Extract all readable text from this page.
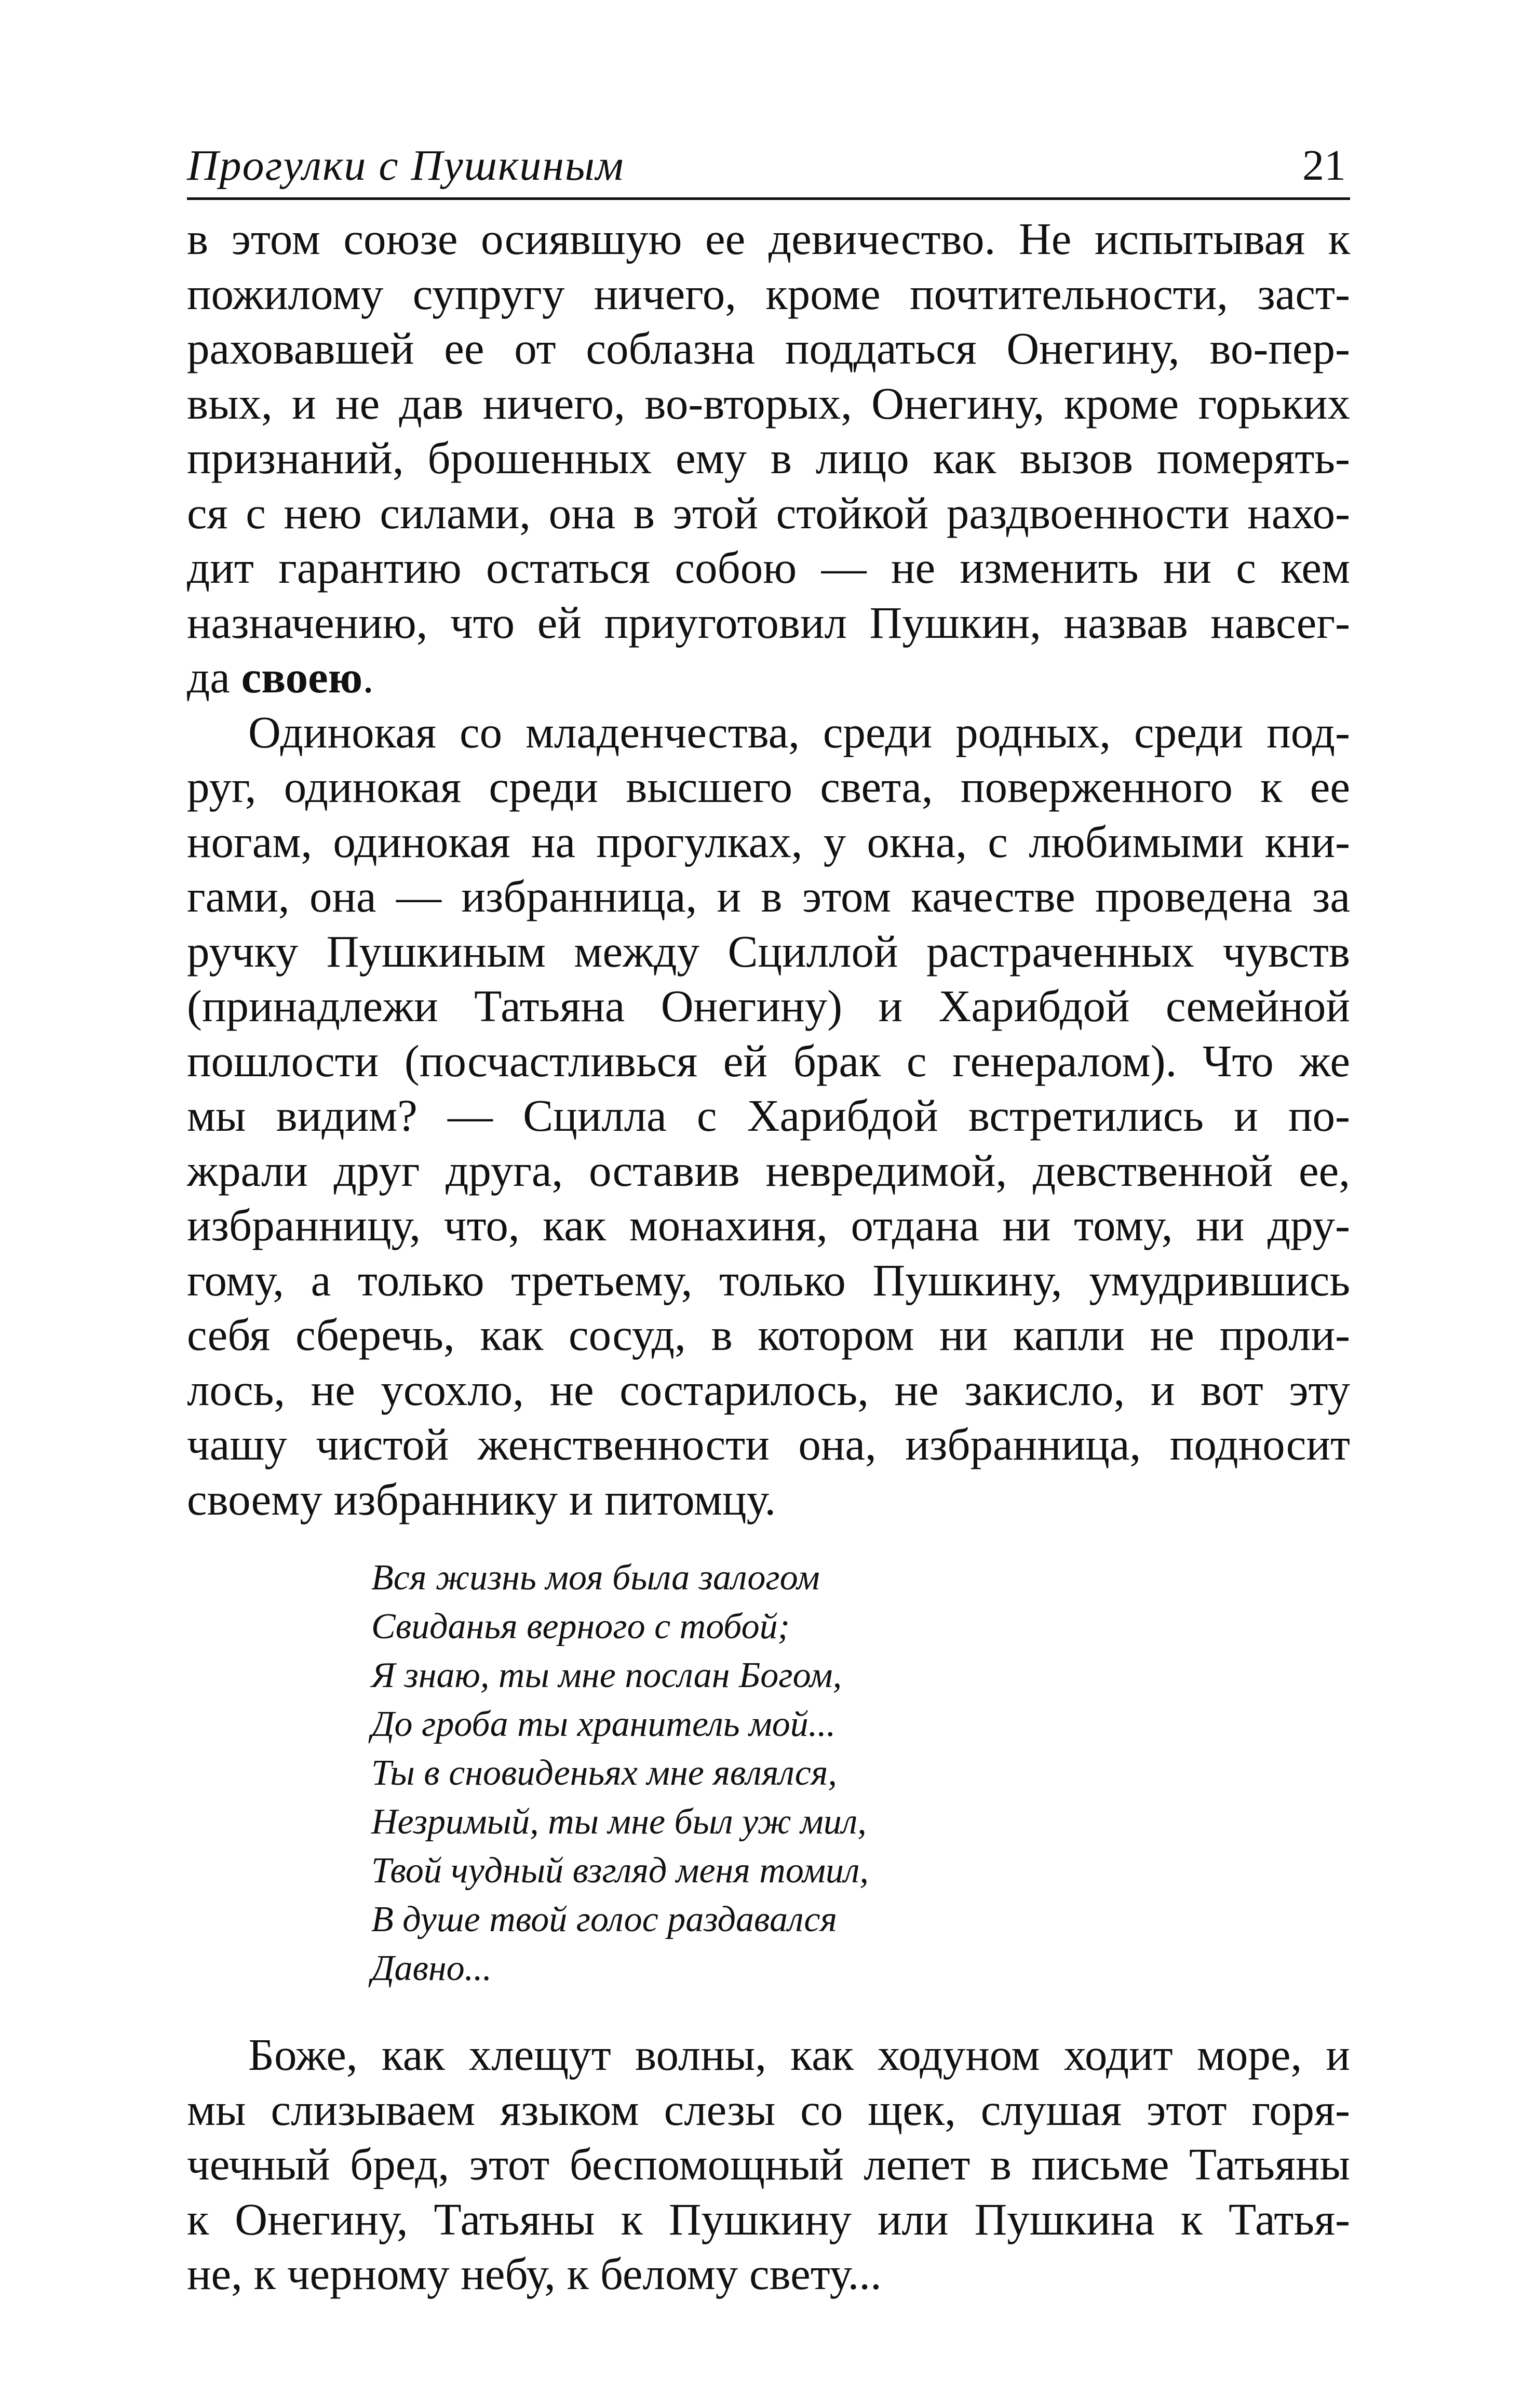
Прогулки с Пушкиным	21

в этом союзе осиявшую ее девичество. Не испытывая к
пожилому супругу ничего, кроме почтительности, заст-
раховавшей ее от соблазна поддаться Онегину, во-пер-
вых, и не дав ничего, во-вторых, Онегину, кроме горьких
признаний, брошенных ему в лицо как вызов померять-
ся с нею силами, она в этой стойкой раздвоенности нахо-
дит гарантию остаться собою — не изменить ни с кем
назначению, что ей приуготовил Пушкин, назвав навсег-
да своею.

Одинокая со младенчества, среди родных, среди под-
руг, одинокая среди высшего света, поверженного к ее
ногам, одинокая на прогулках, у окна, с любимыми кни-
гами, она — избранница, и в этом качестве проведена за
ручку Пушкиным между Сциллой растраченных чувств
(принадлежи Татьяна Онегину) и Харибдой семейной
пошлости (посчастливься ей брак с генералом). Что же
мы видим? — Сцилла с Харибдой встретились и по-
жрали друг друга, оставив невредимой, девственной ее,
избранницу, что, как монахиня, отдана ни тому, ни дру-
гому, а только третьему, только Пушкину, умудрившись
себя сберечь, как сосуд, в котором ни капли не проли-
лось, не усохло, не состарилось, не закисло, и вот эту
чашу чистой женственности она, избранница, подносит
своему избраннику и питомцу.

Вся жизнь моя была залогом
Свиданья верного с тобой;
Я знаю, ты мне послан Богом,
До гроба ты хранитель мой...
Ты в сновиденьях мне являлся,
Незримый, ты мне был уж мил,
Твой чудный взгляд меня томил,
В душе твой голос раздавался
Давно...

Боже, как хлещут волны, как ходуном ходит море, и
мы слизываем языком слезы со щек, слушая этот горя-
чечный бред, этот беспомощный лепет в письме Татьяны
к Онегину, Татьяны к Пушкину или Пушкина к Татья-
не, к черному небу, к белому свету...
